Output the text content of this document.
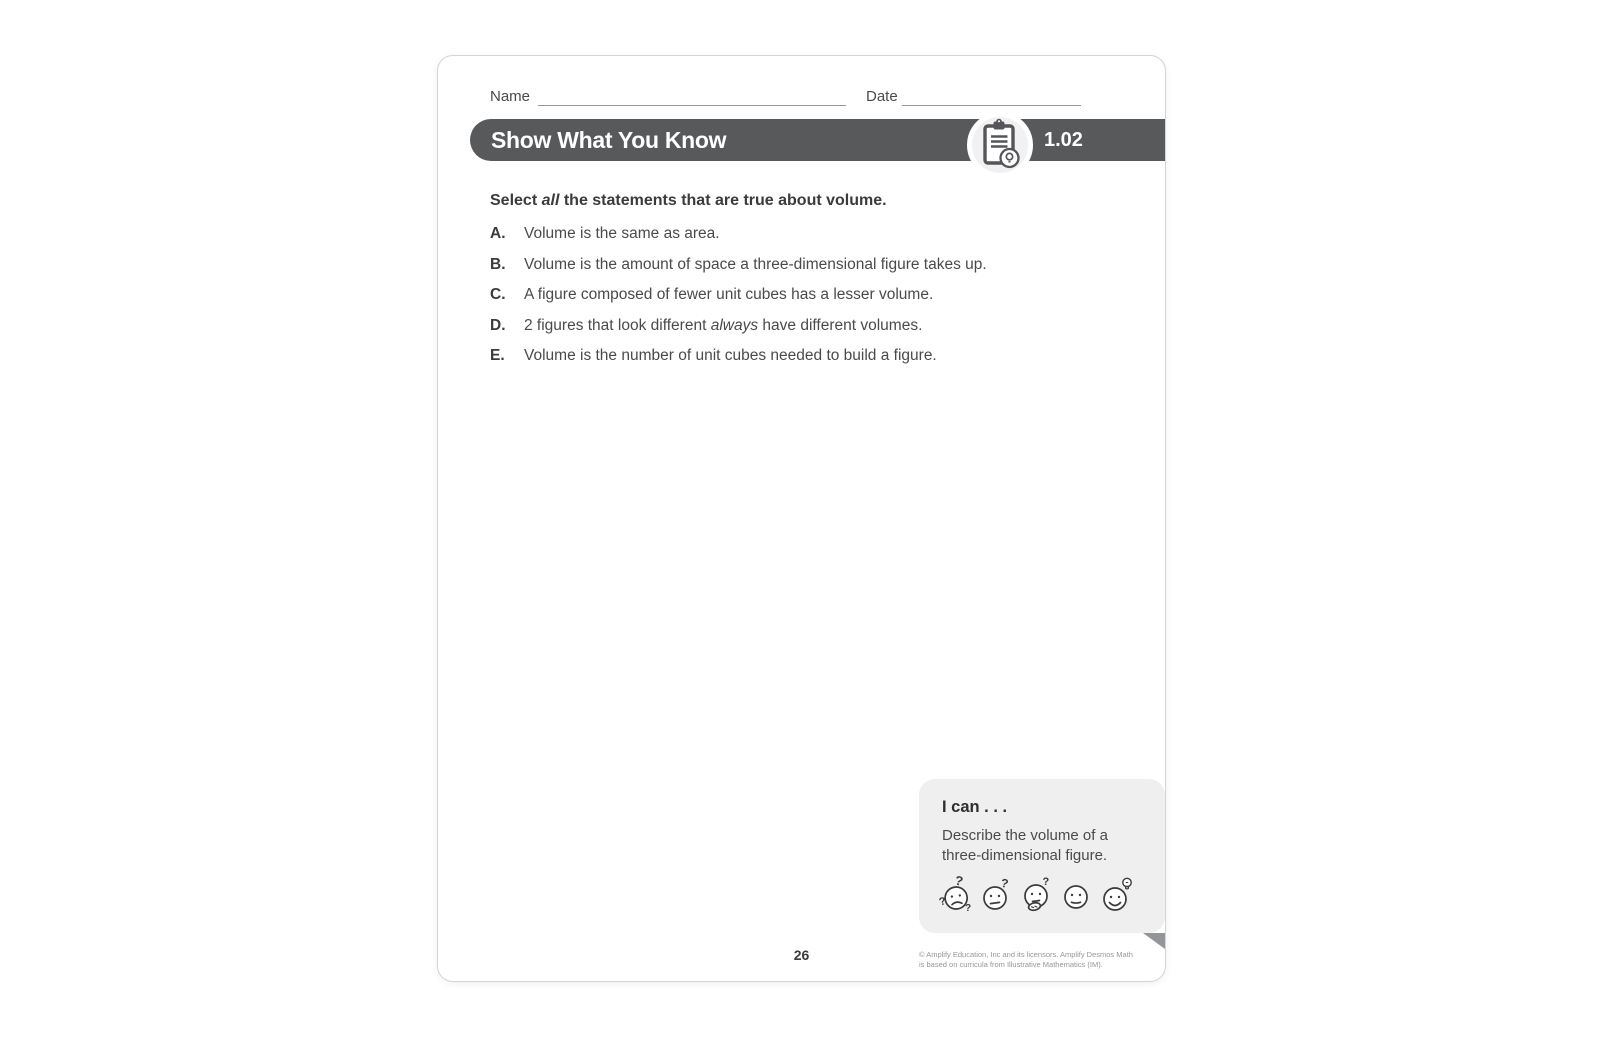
Name	Date
Show What You Know	1.02

Select all the statements that are true about volume.

A.	Volume is the same as area.
B.	Volume is the amount of space a three-dimensional figure takes up.
C.	A figure composed of fewer unit cubes has a lesser volume.
D.	2 figures that look different always have different volumes.
E.	Volume is the number of unit cubes needed to build a figure.
I can . . .
Describe the volume of a
three-dimensional figure.
?
? ?
?	?
26	© Amplify Education, Inc and its licensors. Amplify Desmos Math
is based on curricula from Illustrative Mathematics (IM).
